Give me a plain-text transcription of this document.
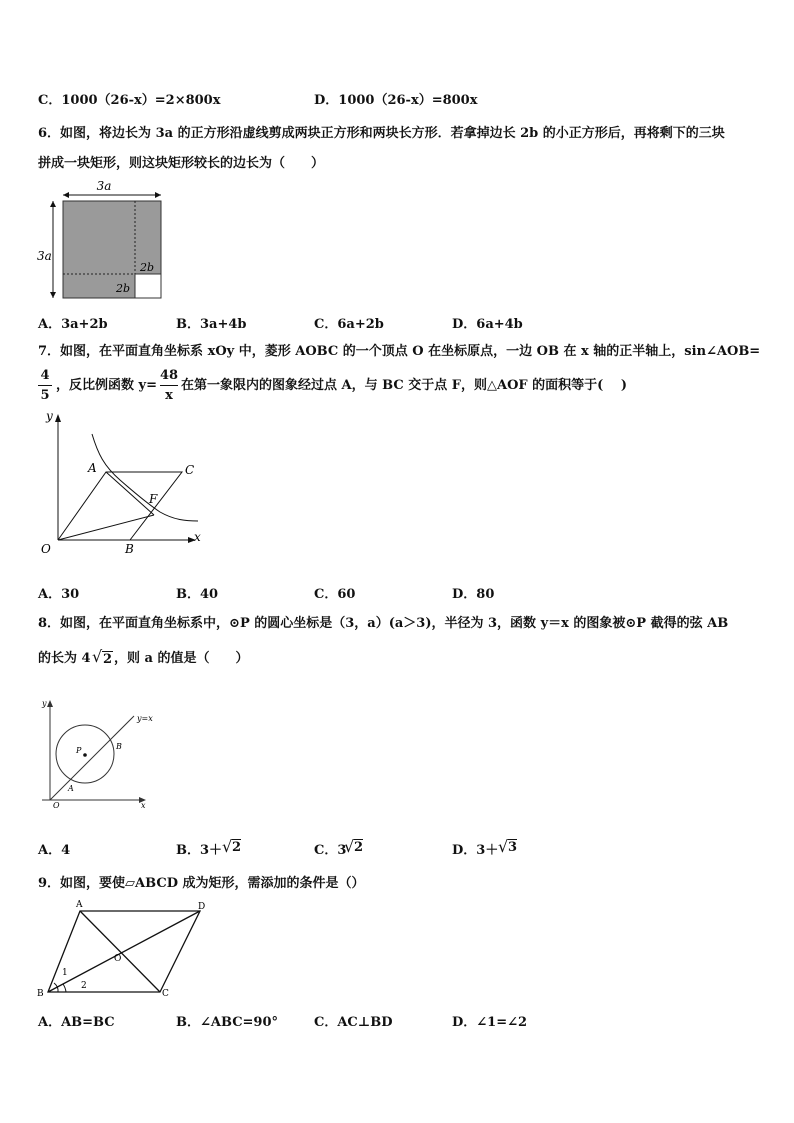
C．1000（26-x）=2×800x	D．1000（26-x）=800x
6．如图，将边长为 3a 的正方形沿虚线剪成两块正方形和两块长方形．若拿掉边长 2b 的小正方形后，再将剩下的三块
拼成一块矩形，则这块矩形较长的边长为（　　）
3a
3a
2b
2b
A．3a+2b	B．3a+4b	C．6a+2b	D．6a+4b
7．如图，在平面直角坐标系 xOy 中，菱形 AOBC 的一个顶点 O 在坐标原点，一边 OB 在 x 轴的正半轴上，sin∠AOB=
4
5
，反比例函数 y=
48
x
在第一象限内的图象经过点 A，与 BC 交于点 F，则△AOF 的面积等于(　 )
y
x
O
A
B
C
F
A．30	B．40	C．60	D．80
8．如图，在平面直角坐标系中，⊙P 的圆心坐标是（3，a）(a＞3)，半径为 3，函数 y＝x 的图象被⊙P 截得的弦 AB
的长为 4 √ 2 ，则 a 的值是（　　）
y
x
O
P
A
B
y=x
A．4	B．3＋ √ 2	C．3
√ 2	D．3＋ √ 3
9．如图，要使▱ABCD 成为矩形，需添加的条件是（）
A	D
B	C
O
1
2
A．AB=BC	B．∠ABC=90°	C．AC⊥BD	D．∠1=∠2
